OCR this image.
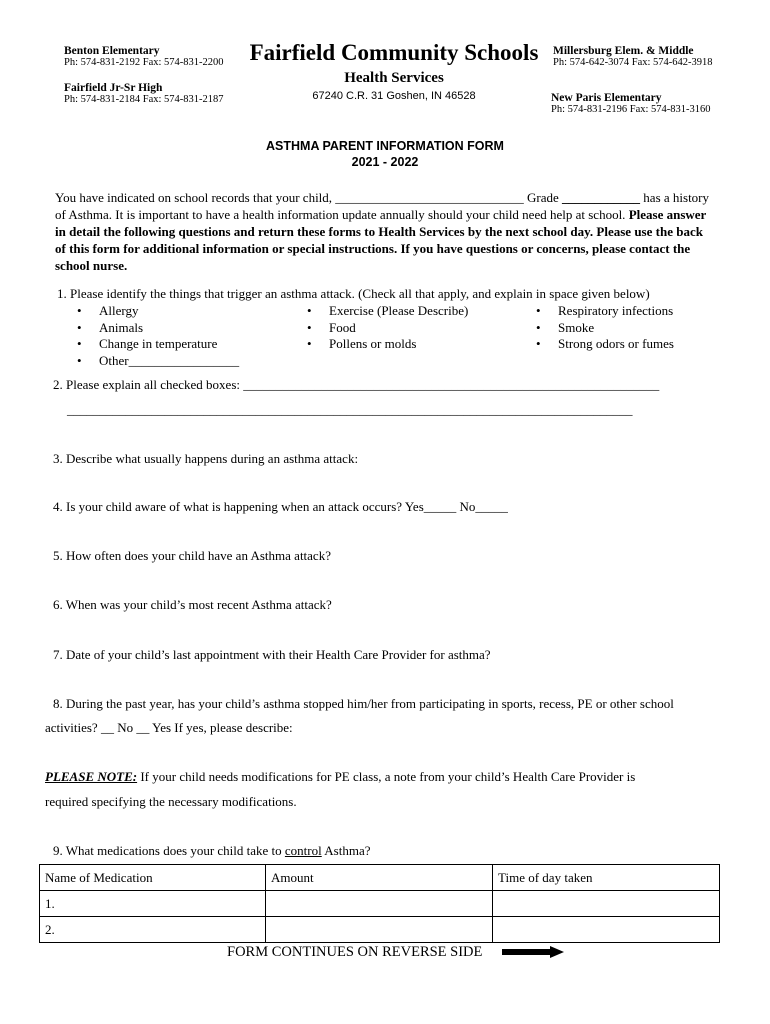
Benton Elementary
Ph: 574-831-2192 Fax: 574-831-2200
Fairfield Jr-Sr High
Ph: 574-831-2184 Fax: 574-831-2187
Fairfield Community Schools
Health Services
67240 C.R. 31 Goshen, IN 46528
Millersburg Elem. & Middle
Ph: 574-642-3074 Fax: 574-642-3918
New Paris Elementary
Ph: 574-831-2196 Fax: 574-831-3160
ASTHMA PARENT INFORMATION FORM
2021 - 2022
You have indicated on school records that your child, _____________________________ Grade ____________ has a history of Asthma. It is important to have a health information update annually should your child need help at school. Please answer in detail the following questions and return these forms to Health Services by the next school day. Please use the back of this form for additional information or special instructions. If you have questions or concerns, please contact the school nurse.
1. Please identify the things that trigger an asthma attack. (Check all that apply, and explain in space given below)
• Allergy
• Animals
• Change in temperature
• Other_________________
• Exercise (Please Describe)
• Food
• Pollens or molds
• Respiratory infections
• Smoke
• Strong odors or fumes
2. Please explain all checked boxes: ________________________________________________________________
_______________________________________________________________________________________
3. Describe what usually happens during an asthma attack:
4. Is your child aware of what is happening when an attack occurs? Yes_____ No_____
5. How often does your child have an Asthma attack?
6. When was your child’s most recent Asthma attack?
7. Date of your child’s last appointment with their Health Care Provider for asthma?
8. During the past year, has your child’s asthma stopped him/her from participating in sports, recess, PE or other school
activities? __ No __ Yes If yes, please describe:
PLEASE NOTE: If your child needs modifications for PE class, a note from your child’s Health Care Provider is
required specifying the necessary modifications.
9. What medications does your child take to control Asthma?
Name of Medication	Amount	Time of day taken
1.		
2.		
FORM CONTINUES ON REVERSE SIDE
